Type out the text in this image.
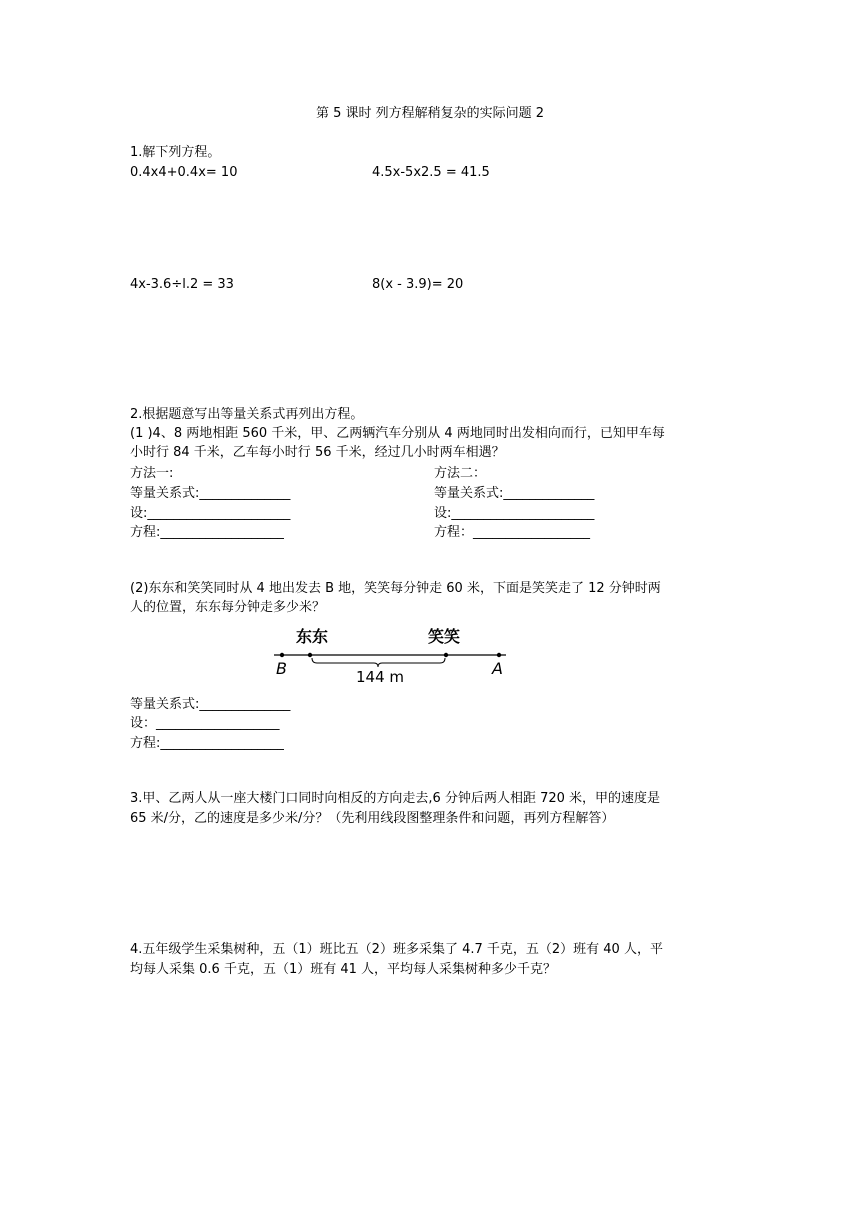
第 5 课时 列方程解稍复杂的实际问题 2
1.解下列方程。
0.4x4+0.4x= 10	4.5x-5x2.5 = 41.5
4x-3.6÷l.2 = 33	8(x - 3.9)= 20
2.根据题意写出等量关系式再列出方程。
(1 )4、8 两地相距 560 千米，甲、乙两辆汽车分别从 4 两地同时出发相向而行，已知甲车每
小时行 84 千米，乙车每小时行 56 千米，经过几小时两车相遇？
方法一:	方法二：
等量关系式:______________	等量关系式:______________
设:______________________	设:______________________
方程:___________________	方程：__________________
(2)东东和笑笑同时从 4 地出发去 B 地，笑笑每分钟走 60 米，下面是笑笑走了 12 分钟时两
人的位置，东东每分钟走多少米？
东东	笑笑
B	A
144 m
等量关系式:______________
设：___________________
方程:___________________
3.甲、乙两人从一座大楼门口同时向相反的方向走去,6 分钟后两人相距 720 米，甲的速度是
65 米/分，乙的速度是多少米/分？（先利用线段图整理条件和问题，再列方程解答）
4.五年级学生采集树种，五（1）班比五（2）班多采集了 4.7 千克，五（2）班有 40 人，平
均每人采集 0.6 千克，五（1）班有 41 人，平均每人采集树种多少千克？
